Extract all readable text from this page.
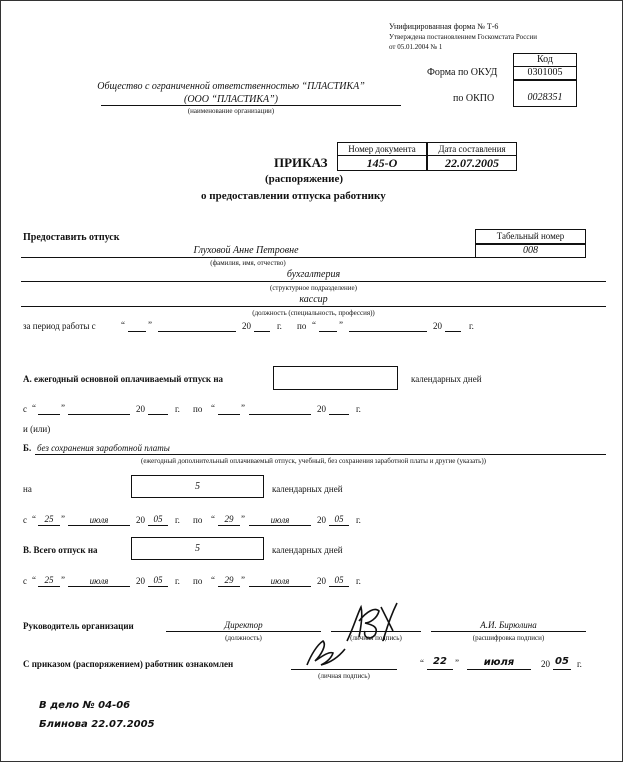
Унифицированная форма № Т-6
Утверждена постановлением Госкомстата России
от 05.01.2004 № 1
Код
Форма по ОКУД	0301005
по ОКПО	0028351
Общество с ограниченной ответственностью “ПЛАСТИКА”
(ООО “ПЛАСТИКА”)
(наименование организации)
Номер документа	Дата составления
145-О	22.07.2005
ПРИКАЗ
(распоряжение)
о предоставлении отпуска работнику
Предоставить отпуск	Табельный номер
008
Глуховой Анне Петровне
(фамилия, имя, отчество)
бухгалтерия
(структурное подразделение)
кассир
(должность (специальность, профессия))
за период работы с	“	”	20	г. по “	”	20	г.
А. ежегодный основной оплачиваемый отпуск на	календарных дней
с “	”	20	г. по “	”	20	г.
и (или)
Б. без сохранения заработной платы
(ежегодный дополнительный оплачиваемый отпуск, учебный, без сохранения заработной платы и другие (указать))
на	5	календарных дней
с “ 25 ”	июля	20 05	г. по “	29 ”	июля	20 05	г.
В. Всего отпуск на	5	календарных дней
с “ 25 ”	июля	20 05	г. по “	29 ”	июля	20 05	г.
Руководитель организации	Директор
(должность)	(личная подпись)
А.И. Бирюлина
(расшифровка подписи)
С приказом (распоряжением) работник ознакомлен
(личная подпись)
“ 22 ”	июля	20 05 г.
В дело № 04-06
Блинова 22.07.2005
